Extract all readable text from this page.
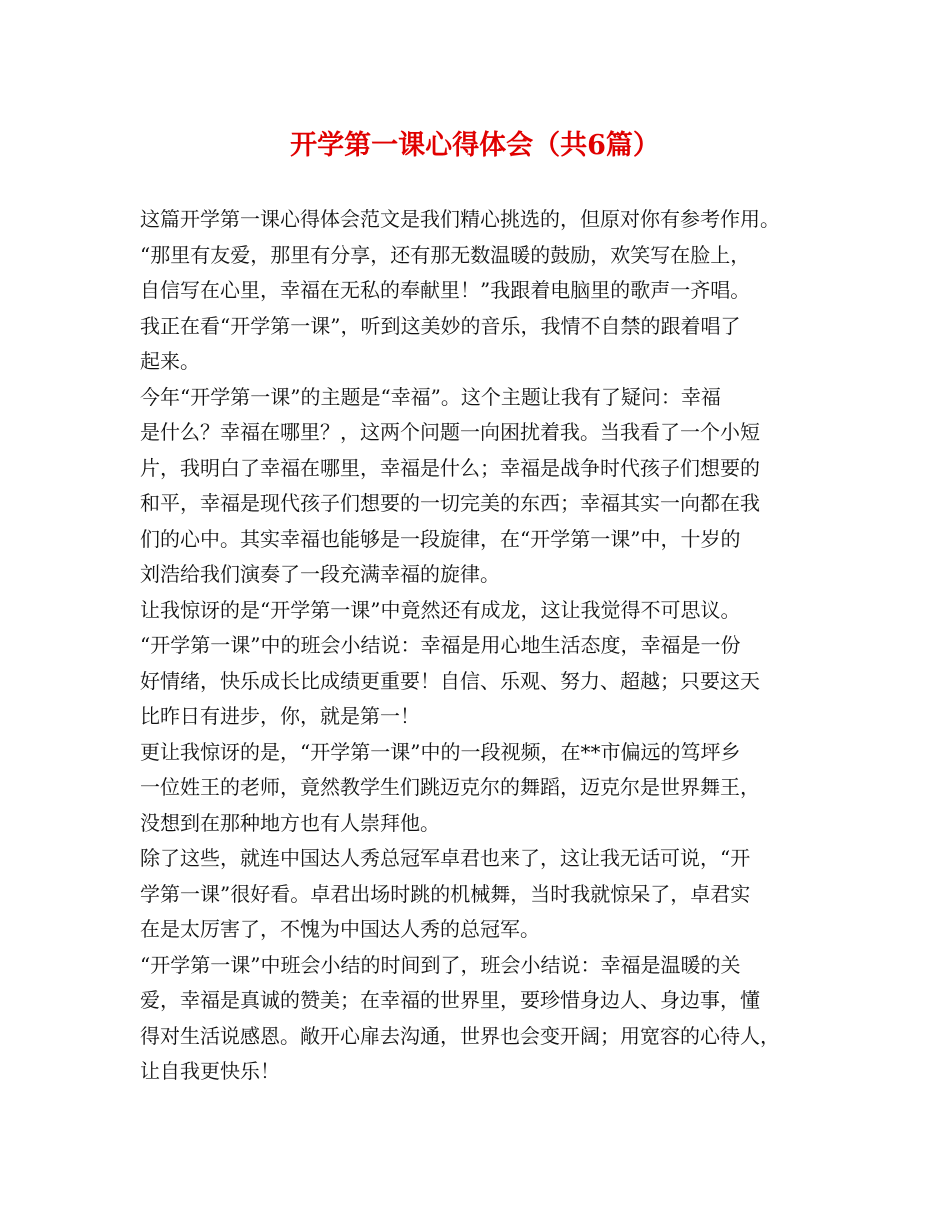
开学第一课心得体会（共6篇）
这篇开学第一课心得体会范文是我们精心挑选的，但原对你有参考作用。
“那里有友爱，那里有分享，还有那无数温暖的鼓励，欢笑写在脸上，
自信写在心里，幸福在无私的奉献里！”我跟着电脑里的歌声一齐唱。
我正在看“开学第一课”，听到这美妙的音乐，我情不自禁的跟着唱了
起来。
今年“开学第一课”的主题是“幸福”。这个主题让我有了疑问：幸福
是什么？幸福在哪里？，这两个问题一向困扰着我。当我看了一个小短
片，我明白了幸福在哪里，幸福是什么；幸福是战争时代孩子们想要的
和平，幸福是现代孩子们想要的一切完美的东西；幸福其实一向都在我
们的心中。其实幸福也能够是一段旋律，在“开学第一课”中，十岁的
刘浩给我们演奏了一段充满幸福的旋律。
让我惊讶的是“开学第一课”中竟然还有成龙，这让我觉得不可思议。
“开学第一课”中的班会小结说：幸福是用心地生活态度，幸福是一份
好情绪，快乐成长比成绩更重要！自信、乐观、努力、超越；只要这天
比昨日有进步，你，就是第一！
更让我惊讶的是，“开学第一课”中的一段视频，在**市偏远的笃坪乡
一位姓王的老师，竟然教学生们跳迈克尔的舞蹈，迈克尔是世界舞王，
没想到在那种地方也有人崇拜他。
除了这些，就连中国达人秀总冠军卓君也来了，这让我无话可说，“开
学第一课”很好看。卓君出场时跳的机械舞，当时我就惊呆了，卓君实
在是太厉害了，不愧为中国达人秀的总冠军。
“开学第一课”中班会小结的时间到了，班会小结说：幸福是温暖的关
爱，幸福是真诚的赞美；在幸福的世界里，要珍惜身边人、身边事，懂
得对生活说感恩。敞开心扉去沟通，世界也会变开阔；用宽容的心待人，
让自我更快乐！
